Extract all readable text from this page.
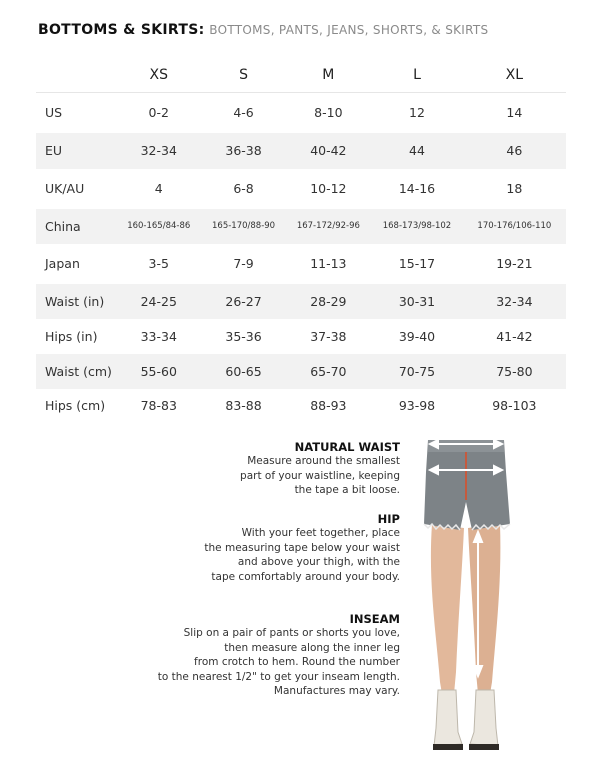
BOTTOMS & SKIRTS: BOTTOMS, PANTS, JEANS, SHORTS, & SKIRTS
	XS	S	M	L	XL
US	0-2	4-6	8-10	12	14
EU	32-34	36-38	40-42	44	46
UK/AU	4	6-8	10-12	14-16	18
China	160-165/84-86	165-170/88-90	167-172/92-96	168-173/98-102	170-176/106-110
Japan	3-5	7-9	11-13	15-17	19-21
Waist (in)	24-25	26-27	28-29	30-31	32-34
Hips (in)	33-34	35-36	37-38	39-40	41-42
Waist (cm)	55-60	60-65	65-70	70-75	75-80
Hips (cm)	78-83	83-88	88-93	93-98	98-103
NATURAL WAIST
Measure around the smallest
part of your waistline, keeping
the tape a bit loose.
HIP
With your feet together, place
the measuring tape below your waist
and above your thigh, with the
tape comfortably around your body.
INSEAM
Slip on a pair of pants or shorts you love,
then measure along the inner leg
from crotch to hem. Round the number
to the nearest 1/2" to get your inseam length.
Manufactures may vary.
